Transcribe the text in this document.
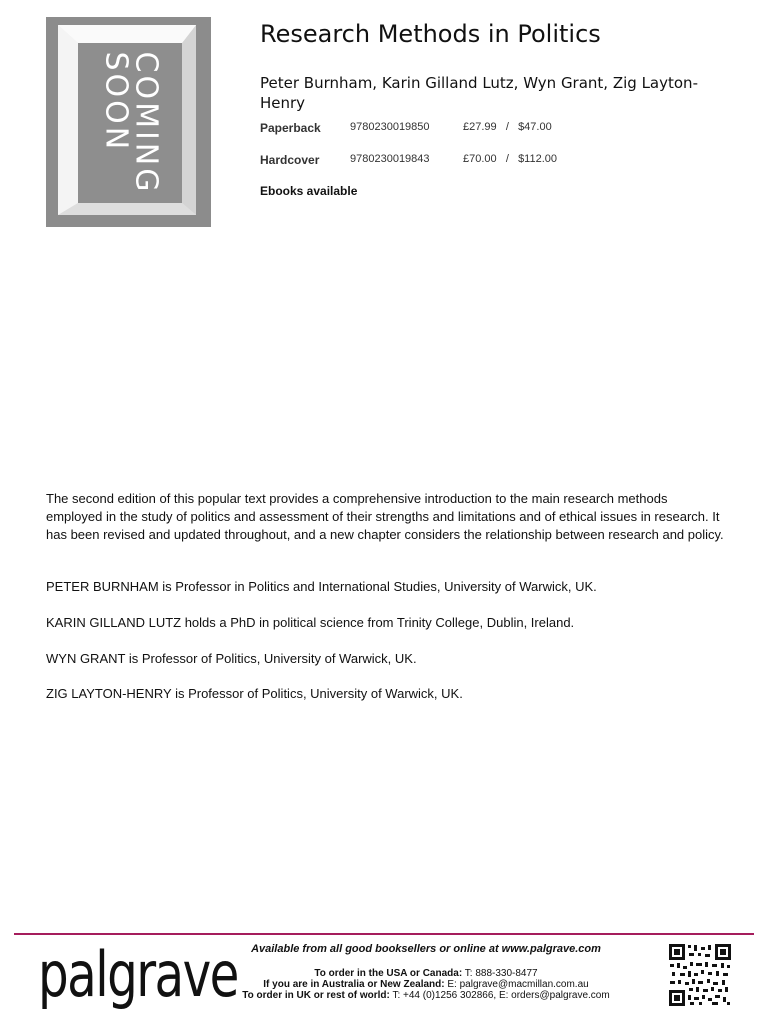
COMING
SOON
Research Methods in Politics
Peter Burnham, Karin Gilland Lutz, Wyn Grant, Zig Layton-Henry
Paperback	9780230019850	£27.99 / $47.00
Hardcover	9780230019843	£70.00 / $112.00
Ebooks available
The second edition of this popular text provides a comprehensive introduction to the main research methods employed in the study of politics and assessment of their strengths and limitations and of ethical issues in research. It has been revised and updated throughout, and a new chapter considers the relationship between research and policy.
PETER BURNHAM is Professor in Politics and International Studies, University of Warwick, UK.
KARIN GILLAND LUTZ holds a PhD in political science from Trinity College, Dublin, Ireland.
WYN GRANT is Professor of Politics, University of Warwick, UK.
ZIG LAYTON-HENRY is Professor of Politics, University of Warwick, UK.
palgrave	Available from all good booksellers or online at www.palgrave.com
To order in the USA or Canada: T: 888-330-8477
If you are in Australia or New Zealand: E: palgrave@macmillan.com.au
To order in UK or rest of world: T: +44 (0)1256 302866, E: orders@palgrave.com
